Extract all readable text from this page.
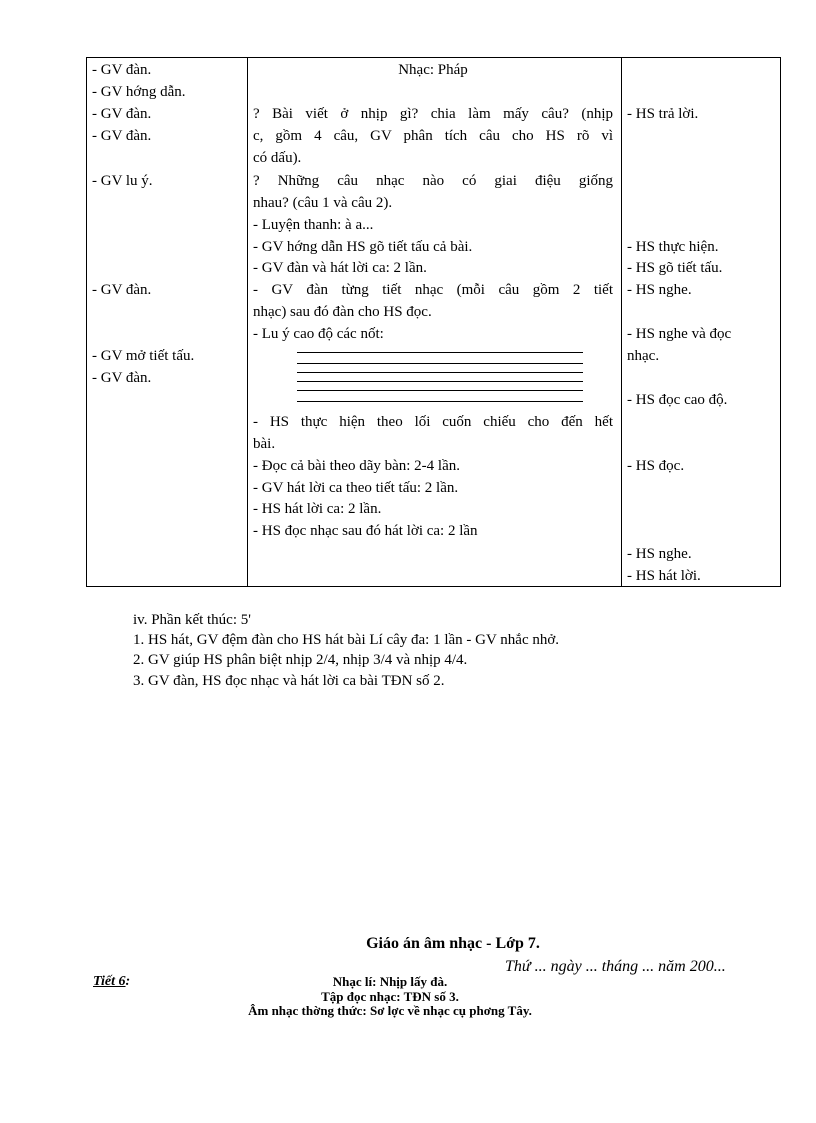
- GV đàn.
- GV hớng dẫn.
- GV đàn.
- GV đàn.
- GV lu ý.
- GV đàn.
- GV mở tiết tấu.
- GV đàn.
Nhạc: Pháp
? Bài viết ở nhịp gì? chia làm mấy câu? (nhịp
c, gồm 4 câu, GV phân tích câu cho HS rõ vì
có dấu).
? Những câu nhạc nào có giai điệu giống
nhau? (câu 1 và câu 2).
- Luyện thanh: à a...
- GV hớng dẫn HS gõ tiết tấu cả bài.
- GV đàn và hát lời ca: 2 lần.
- GV đàn từng tiết nhạc (mỗi câu gồm 2 tiết
nhạc) sau đó đàn cho HS đọc.
- Lu ý cao độ các nốt:
- HS thực hiện theo lối cuốn chiếu cho đến hết
bài.
- Đọc cả bài theo dãy bàn: 2-4 lần.
- GV hát lời ca theo tiết tấu: 2 lần.
- HS hát lời ca: 2 lần.
- HS đọc nhạc sau đó hát lời ca: 2 lần
- HS trả lời.
- HS thực hiện.
- HS gõ tiết tấu.
- HS nghe.
- HS nghe và đọc
nhạc.
- HS đọc cao độ.
- HS đọc.
- HS nghe.
- HS hát lời.
iv. Phần kết thúc: 5'
1. HS hát, GV đệm đàn cho HS hát bài Lí cây đa: 1 lần - GV nhắc nhở.
2. GV giúp HS phân biệt nhịp 2/4, nhịp 3/4 và nhịp 4/4.
3. GV đàn, HS đọc nhạc và hát lời ca bài TĐN số 2.
Giáo án âm nhạc - Lớp 7.
Thứ ... ngày ... tháng ... năm 200...
Tiết 6:	Nhạc lí: Nhịp lấy đà.
Tập đọc nhạc: TĐN số 3.
Âm nhạc thờng thức: Sơ lợc về nhạc cụ phơng Tây.
